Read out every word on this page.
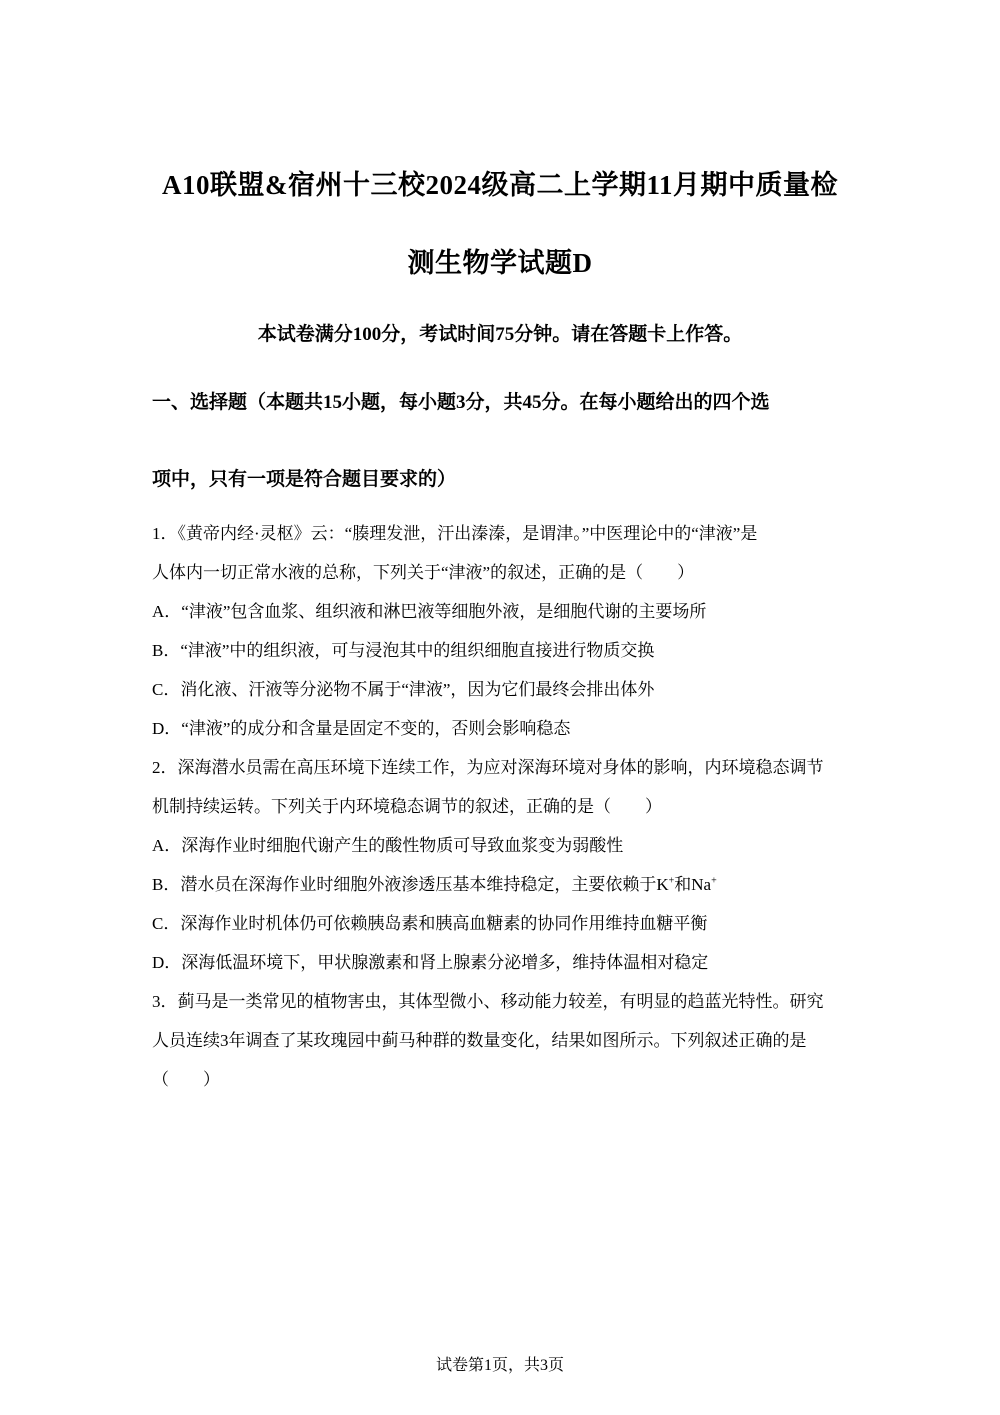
A10联盟&宿州十三校2024级高二上学期11月期中质量检
测生物学试题D
本试卷满分100分，考试时间75分钟。请在答题卡上作答。
一、选择题（本题共15小题，每小题3分，共45分。在每小题给出的四个选
项中，只有一项是符合题目要求的）
1．《黄帝内经·灵枢》云：“腠理发泄，汗出溱溱，是谓津。”中医理论中的“津液”是
人体内一切正常水液的总称，下列关于“津液”的叙述，正确的是（　　）
A．“津液”包含血浆、组织液和淋巴液等细胞外液，是细胞代谢的主要场所
B．“津液”中的组织液，可与浸泡其中的组织细胞直接进行物质交换
C．消化液、汗液等分泌物不属于“津液”，因为它们最终会排出体外
D．“津液”的成分和含量是固定不变的，否则会影响稳态
2．深海潜水员需在高压环境下连续工作，为应对深海环境对身体的影响，内环境稳态调节
机制持续运转。下列关于内环境稳态调节的叙述，正确的是（　　）
A．深海作业时细胞代谢产生的酸性物质可导致血浆变为弱酸性
B．潜水员在深海作业时细胞外液渗透压基本维持稳定，主要依赖于K+和Na+
C．深海作业时机体仍可依赖胰岛素和胰高血糖素的协同作用维持血糖平衡
D．深海低温环境下，甲状腺激素和肾上腺素分泌增多，维持体温相对稳定
3．蓟马是一类常见的植物害虫，其体型微小、移动能力较差，有明显的趋蓝光特性。研究
人员连续3年调查了某玫瑰园中蓟马种群的数量变化，结果如图所示。下列叙述正确的是
（　　）
试卷第1页，共3页
